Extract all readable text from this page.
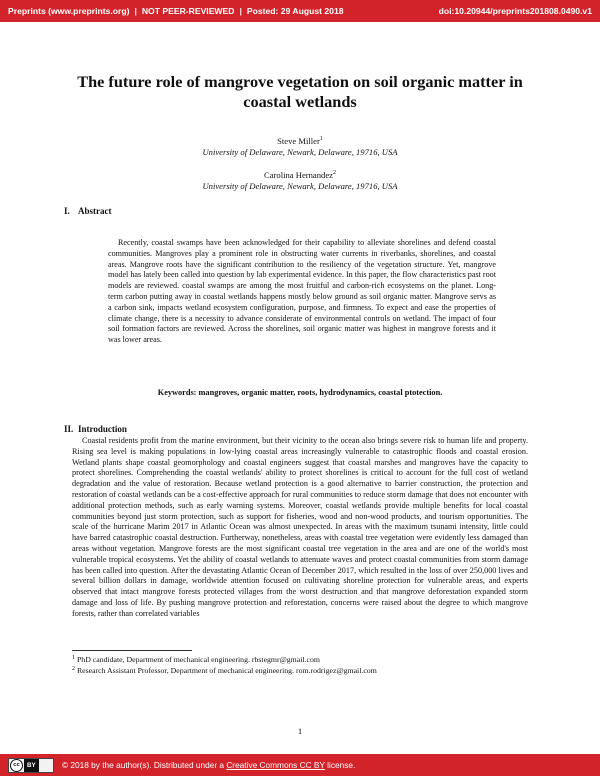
Preprints (www.preprints.org) | NOT PEER-REVIEWED | Posted: 29 August 2018	doi:10.20944/preprints201808.0490.v1
The future role of mangrove vegetation on soil organic matter in coastal wetlands
Steve Miller$^1$
University of Delaware, Newark, Delaware, 19716, USA
Carolina Hernandez$^2$
University of Delaware, Newark, Delaware, 19716, USA
I. Abstract
Recently, coastal swamps have been acknowledged for their capability to alleviate shorelines and defend coastal communities. Mangroves play a prominent role in obstructing water currents in riverbanks, shorelines, and coastal areas. Mangrove roots have the significant contribution to the resiliency of the vegetation structure. Yet, mangrove model has lately been called into question by lab experimental evidence. In this paper, the flow characteristics past root models are reviewed. coastal swamps are among the most fruitful and carbon-rich ecosystems on the planet. Long-term carbon putting away in coastal wetlands happens mostly below ground as soil organic matter. Mangrove servs as a carbon sink, impacts wetland ecosystem configuration, purpose, and firmness. To expect and ease the properties of climate change, there is a necessity to advance considerate of environmental controls on wetland. The impact of four soil formation factors are reviewed. Across the shorelines, soil organic matter was highest in mangrove forests and it was lower areas.
Keywords: mangroves, organic matter, roots, hydrodynamics, coastal ptotection.
II. Introduction
Coastal residents profit from the marine environment, but their vicinity to the ocean also brings severe risk to human life and property. Rising sea level is making populations in low-lying coastal areas increasingly vulnerable to catastrophic floods and coastal erosion. Wetland plants shape coastal geomorphology and coastal engineers suggest that coastal marshes and mangroves have the capacity to protect shorelines. Comprehending the coastal wetlands' ability to protect shorelines is critical to account for the full cost of wetland degradation and the value of restoration. Because wetland protection is a good alternative to barrier construction, the protection and restoration of coastal wetlands can be a cost-effective approach for rural communities to reduce storm damage that does not encounter with additional protection methods, such as early warning systems. Moreover, coastal wetlands provide multiple benefits for local coastal communities beyond just storm protection, such as support for fisheries, wood and non-wood products, and tourism opportunities. The scale of the hurricane Marim 2017 in Atlantic Ocean was almost unexpected. In areas with the maximum tsunami intensity, little could have barred catastrophic coastal destruction. Furtherway, nonetheless, areas with coastal tree vegetation were evidently less damaged than areas without vegetation. Mangrove forests are the most significant coastal tree vegetation in the area and are one of the world's most vulnerable tropical ecosystems. Yet the ability of coastal wetlands to attenuate waves and protect coastal communities from storm damage has been called into question. After the devastating Atlantic Ocean of December 2017, which resulted in the loss of over 250,000 lives and several billion dollars in damage, worldwide attention focused on cultivating shoreline protection for vulnerable areas, and experts observed that intact mangrove forests protected villages from the worst destruction and that mangrove deforestation expanded storm damage and loss of life. By pushing mangrove protection and reforestation, concerns were raised about the degree to which mangrove forests, rather than correlated variables
$^1$ PhD candidate, Department of mechanical engineering. rbstegmr@gmail.com
$^2$ Research Assistant Professor, Department of mechanical engineering. rom.rodrigez@gmail.com
1
cc BY	© 2018 by the author(s). Distributed under a Creative Commons CC BY license.
